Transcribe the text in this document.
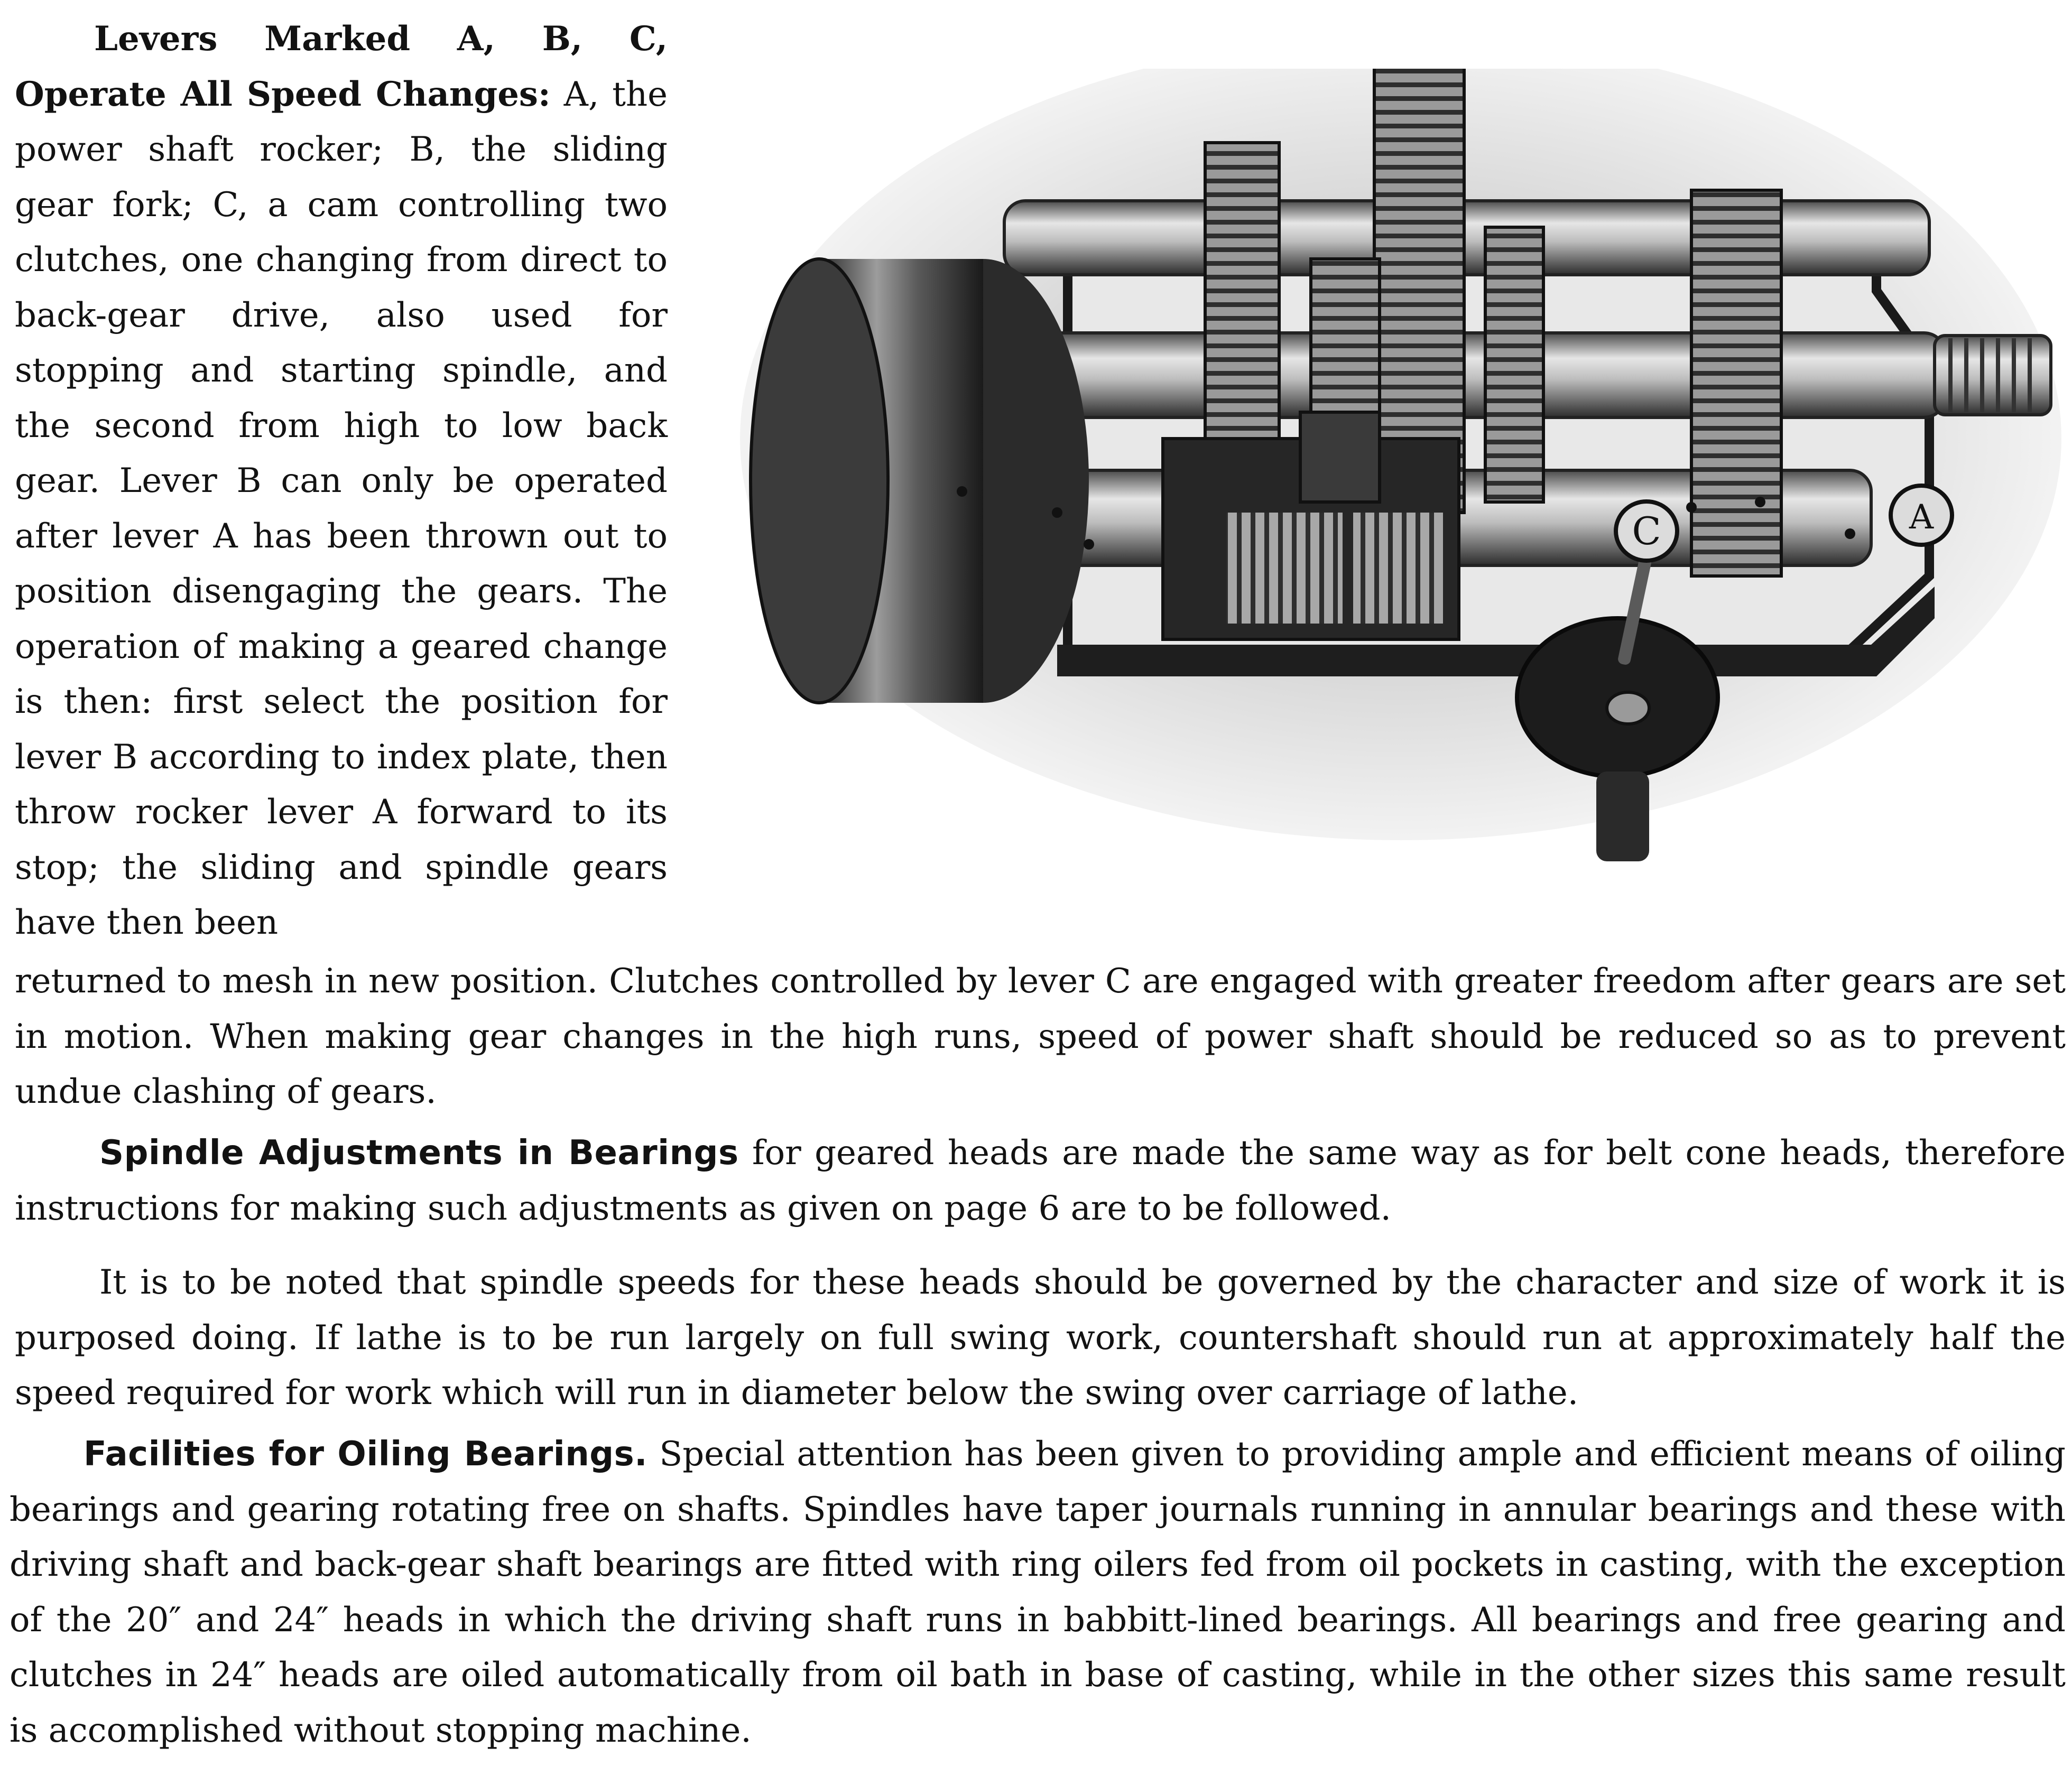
Levers Marked A, B, C, Operate All Speed Changes: A, the power shaft rocker; B, the sliding gear fork; C, a cam controlling two clutches, one changing from direct to back-gear drive, also used for stopping and starting spindle, and the second from high to low back gear. Lever B can only be operated after lever A has been thrown out to position disengaging the gears. The operation of making a geared change is then: first select the position for lever B according to index plate, then throw rocker lever A forward to its stop; the sliding and spindle gears have then been
C	A
returned to mesh in new position. Clutches controlled by lever C are engaged with greater freedom after gears are set in motion. When making gear changes in the high runs, speed of power shaft should be reduced so as to prevent undue clashing of gears.
Spindle Adjustments in Bearings for geared heads are made the same way as for belt cone heads, therefore instructions for making such adjustments as given on page 6 are to be followed.
It is to be noted that spindle speeds for these heads should be governed by the character and size of work it is purposed doing. If lathe is to be run largely on full swing work, countershaft should run at approximately half the speed required for work which will run in diameter below the swing over carriage of lathe.
Facilities for Oiling Bearings. Special attention has been given to providing ample and efficient means of oiling bearings and gearing rotating free on shafts. Spindles have taper journals running in annular bearings and these with driving shaft and back-gear shaft bearings are fitted with ring oilers fed from oil pockets in casting, with the exception of the 20″ and 24″ heads in which the driving shaft runs in babbitt-lined bearings. All bearings and free gearing and clutches in 24″ heads are oiled automatically from oil bath in base of casting, while in the other sizes this same result is accomplished without stopping machine.
